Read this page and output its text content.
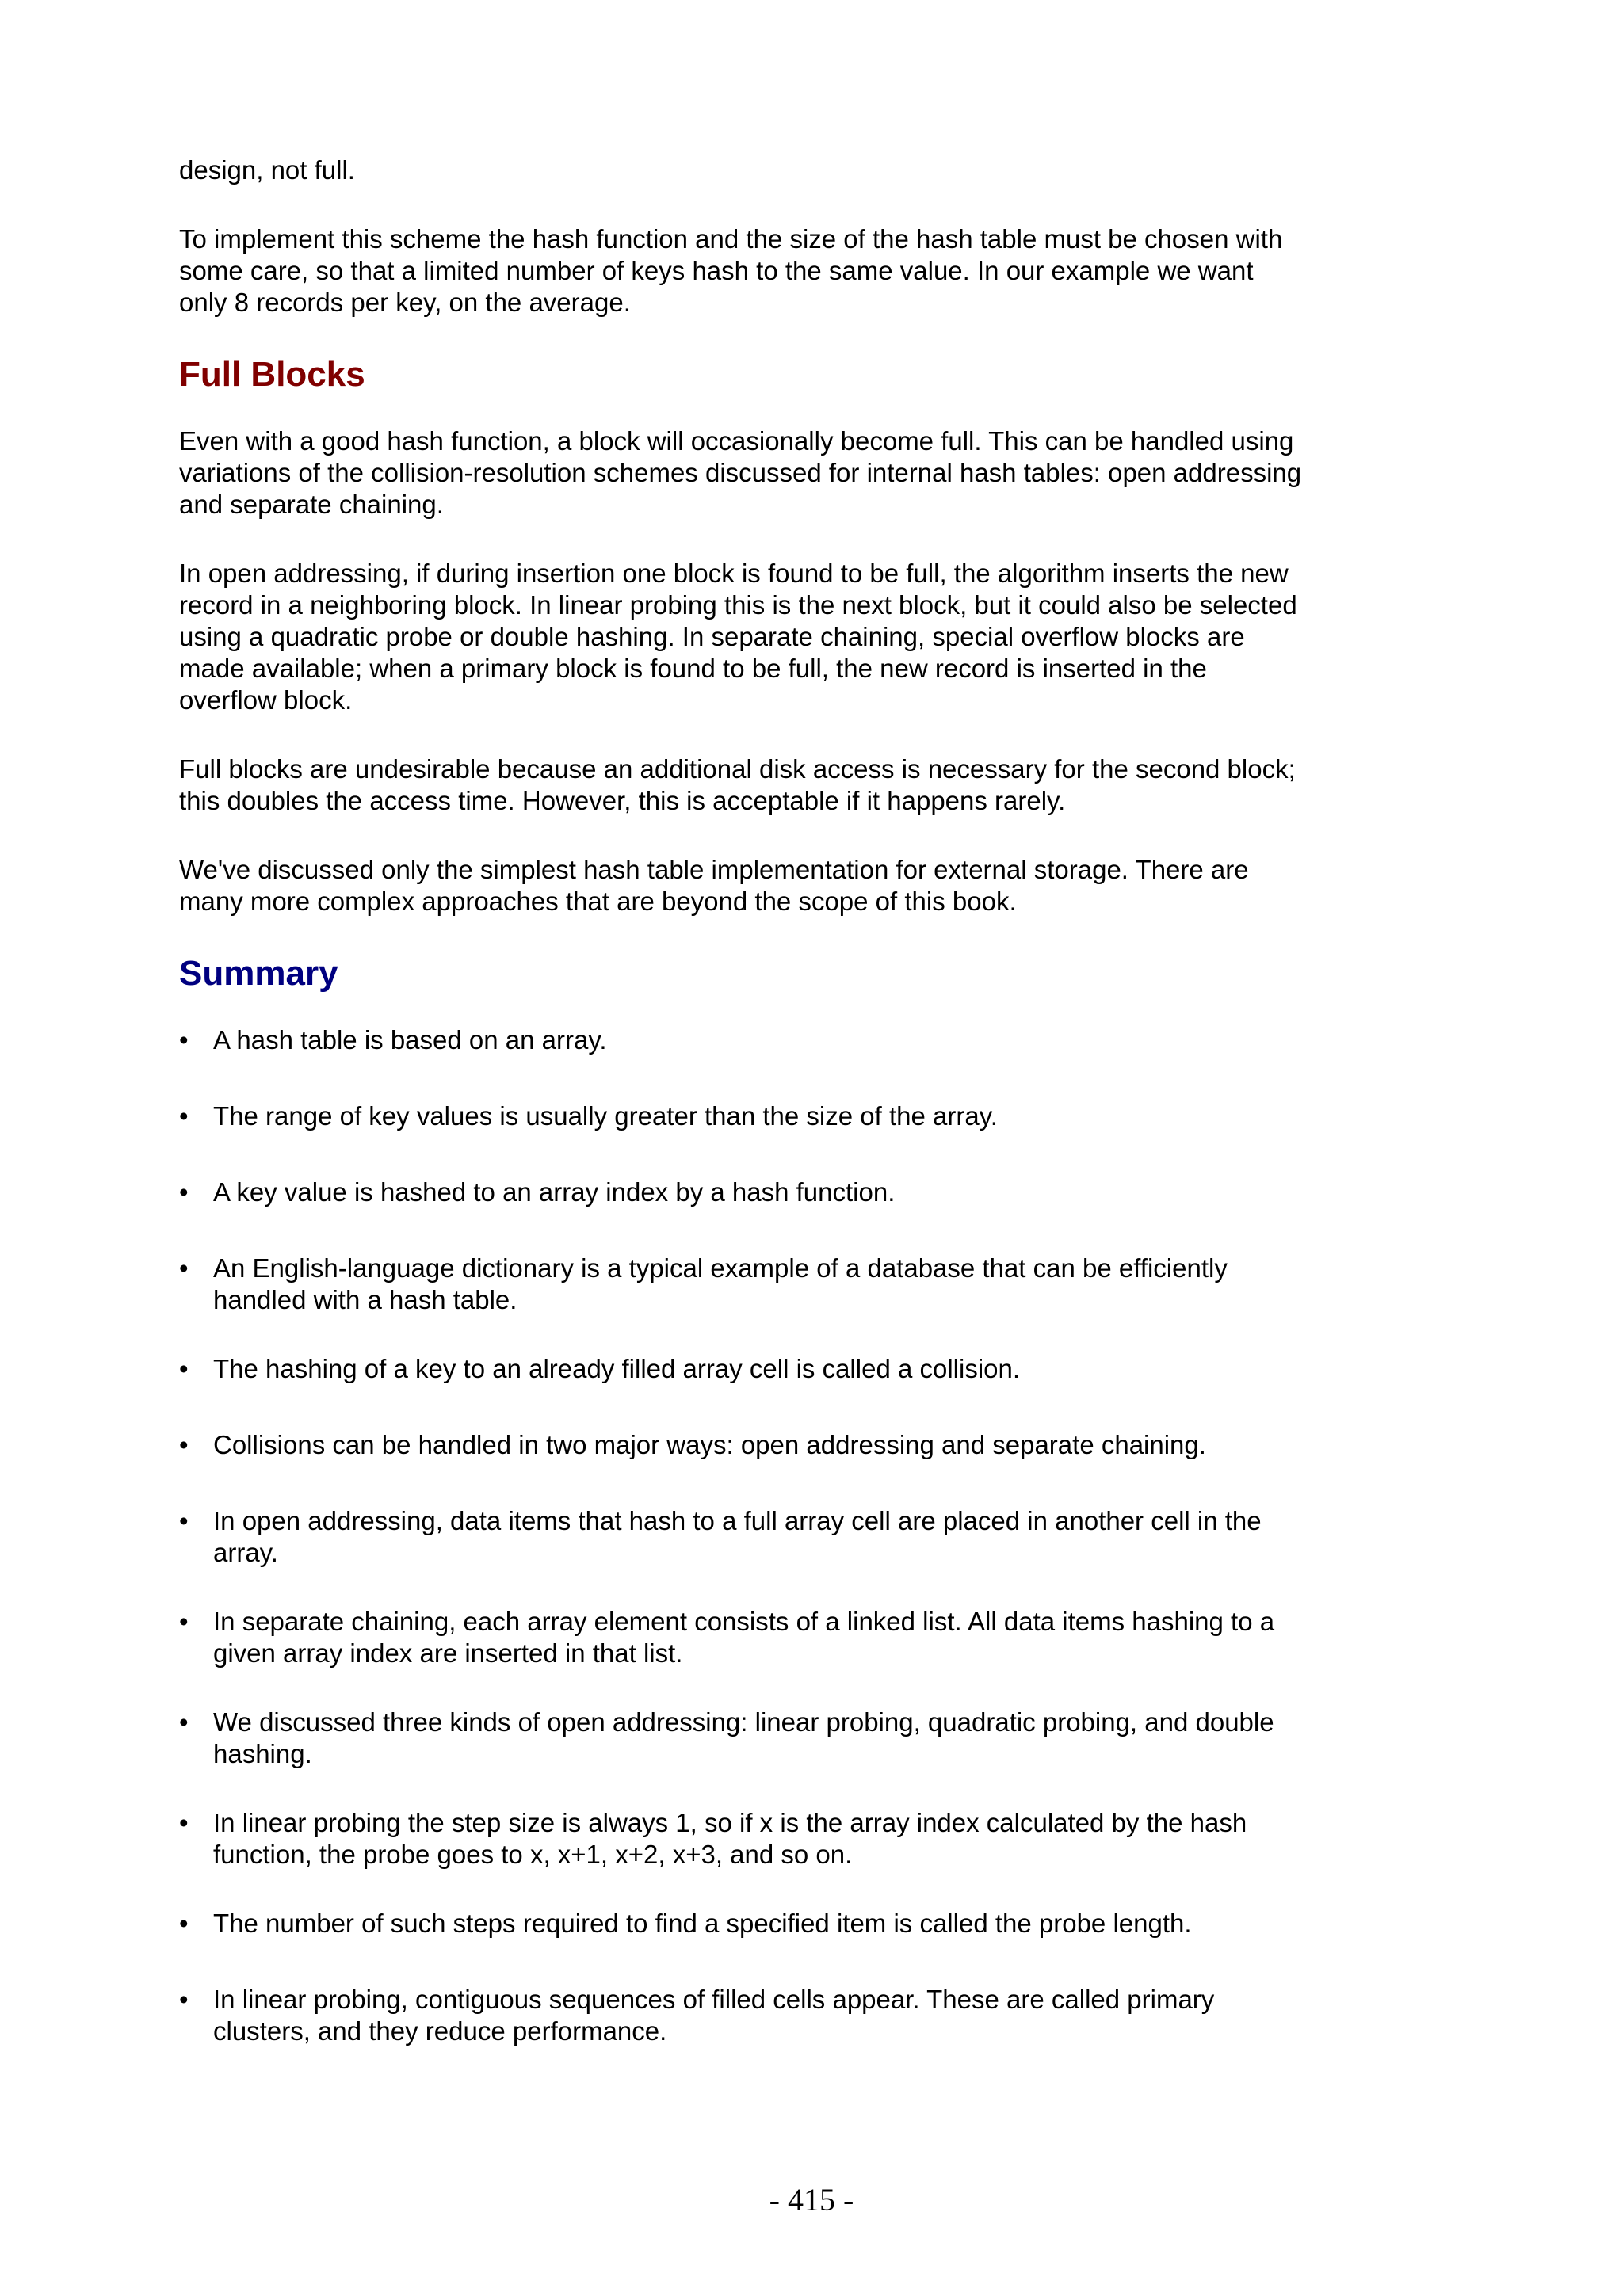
design, not full.

To implement this scheme the hash function and the size of the hash table must be chosen with some care, so that a limited number of keys hash to the same value. In our example we want only 8 records per key, on the average.

Full Blocks

Even with a good hash function, a block will occasionally become full. This can be handled using variations of the collision-resolution schemes discussed for internal hash tables: open addressing and separate chaining.

In open addressing, if during insertion one block is found to be full, the algorithm inserts the new record in a neighboring block. In linear probing this is the next block, but it could also be selected using a quadratic probe or double hashing. In separate chaining, special overflow blocks are made available; when a primary block is found to be full, the new record is inserted in the overflow block.

Full blocks are undesirable because an additional disk access is necessary for the second block; this doubles the access time. However, this is acceptable if it happens rarely.

We've discussed only the simplest hash table implementation for external storage. There are many more complex approaches that are beyond the scope of this book.

Summary
• A hash table is based on an array.
• The range of key values is usually greater than the size of the array.
• A key value is hashed to an array index by a hash function.
• An English-language dictionary is a typical example of a database that can be efficiently handled with a hash table.
• The hashing of a key to an already filled array cell is called a collision.
• Collisions can be handled in two major ways: open addressing and separate chaining.
• In open addressing, data items that hash to a full array cell are placed in another cell in the array.
• In separate chaining, each array element consists of a linked list. All data items hashing to a given array index are inserted in that list.
• We discussed three kinds of open addressing: linear probing, quadratic probing, and double hashing.
• In linear probing the step size is always 1, so if x is the array index calculated by the hash function, the probe goes to x, x+1, x+2, x+3, and so on.
• The number of such steps required to find a specified item is called the probe length.
• In linear probing, contiguous sequences of filled cells appear. These are called primary clusters, and they reduce performance.
- 415 -
